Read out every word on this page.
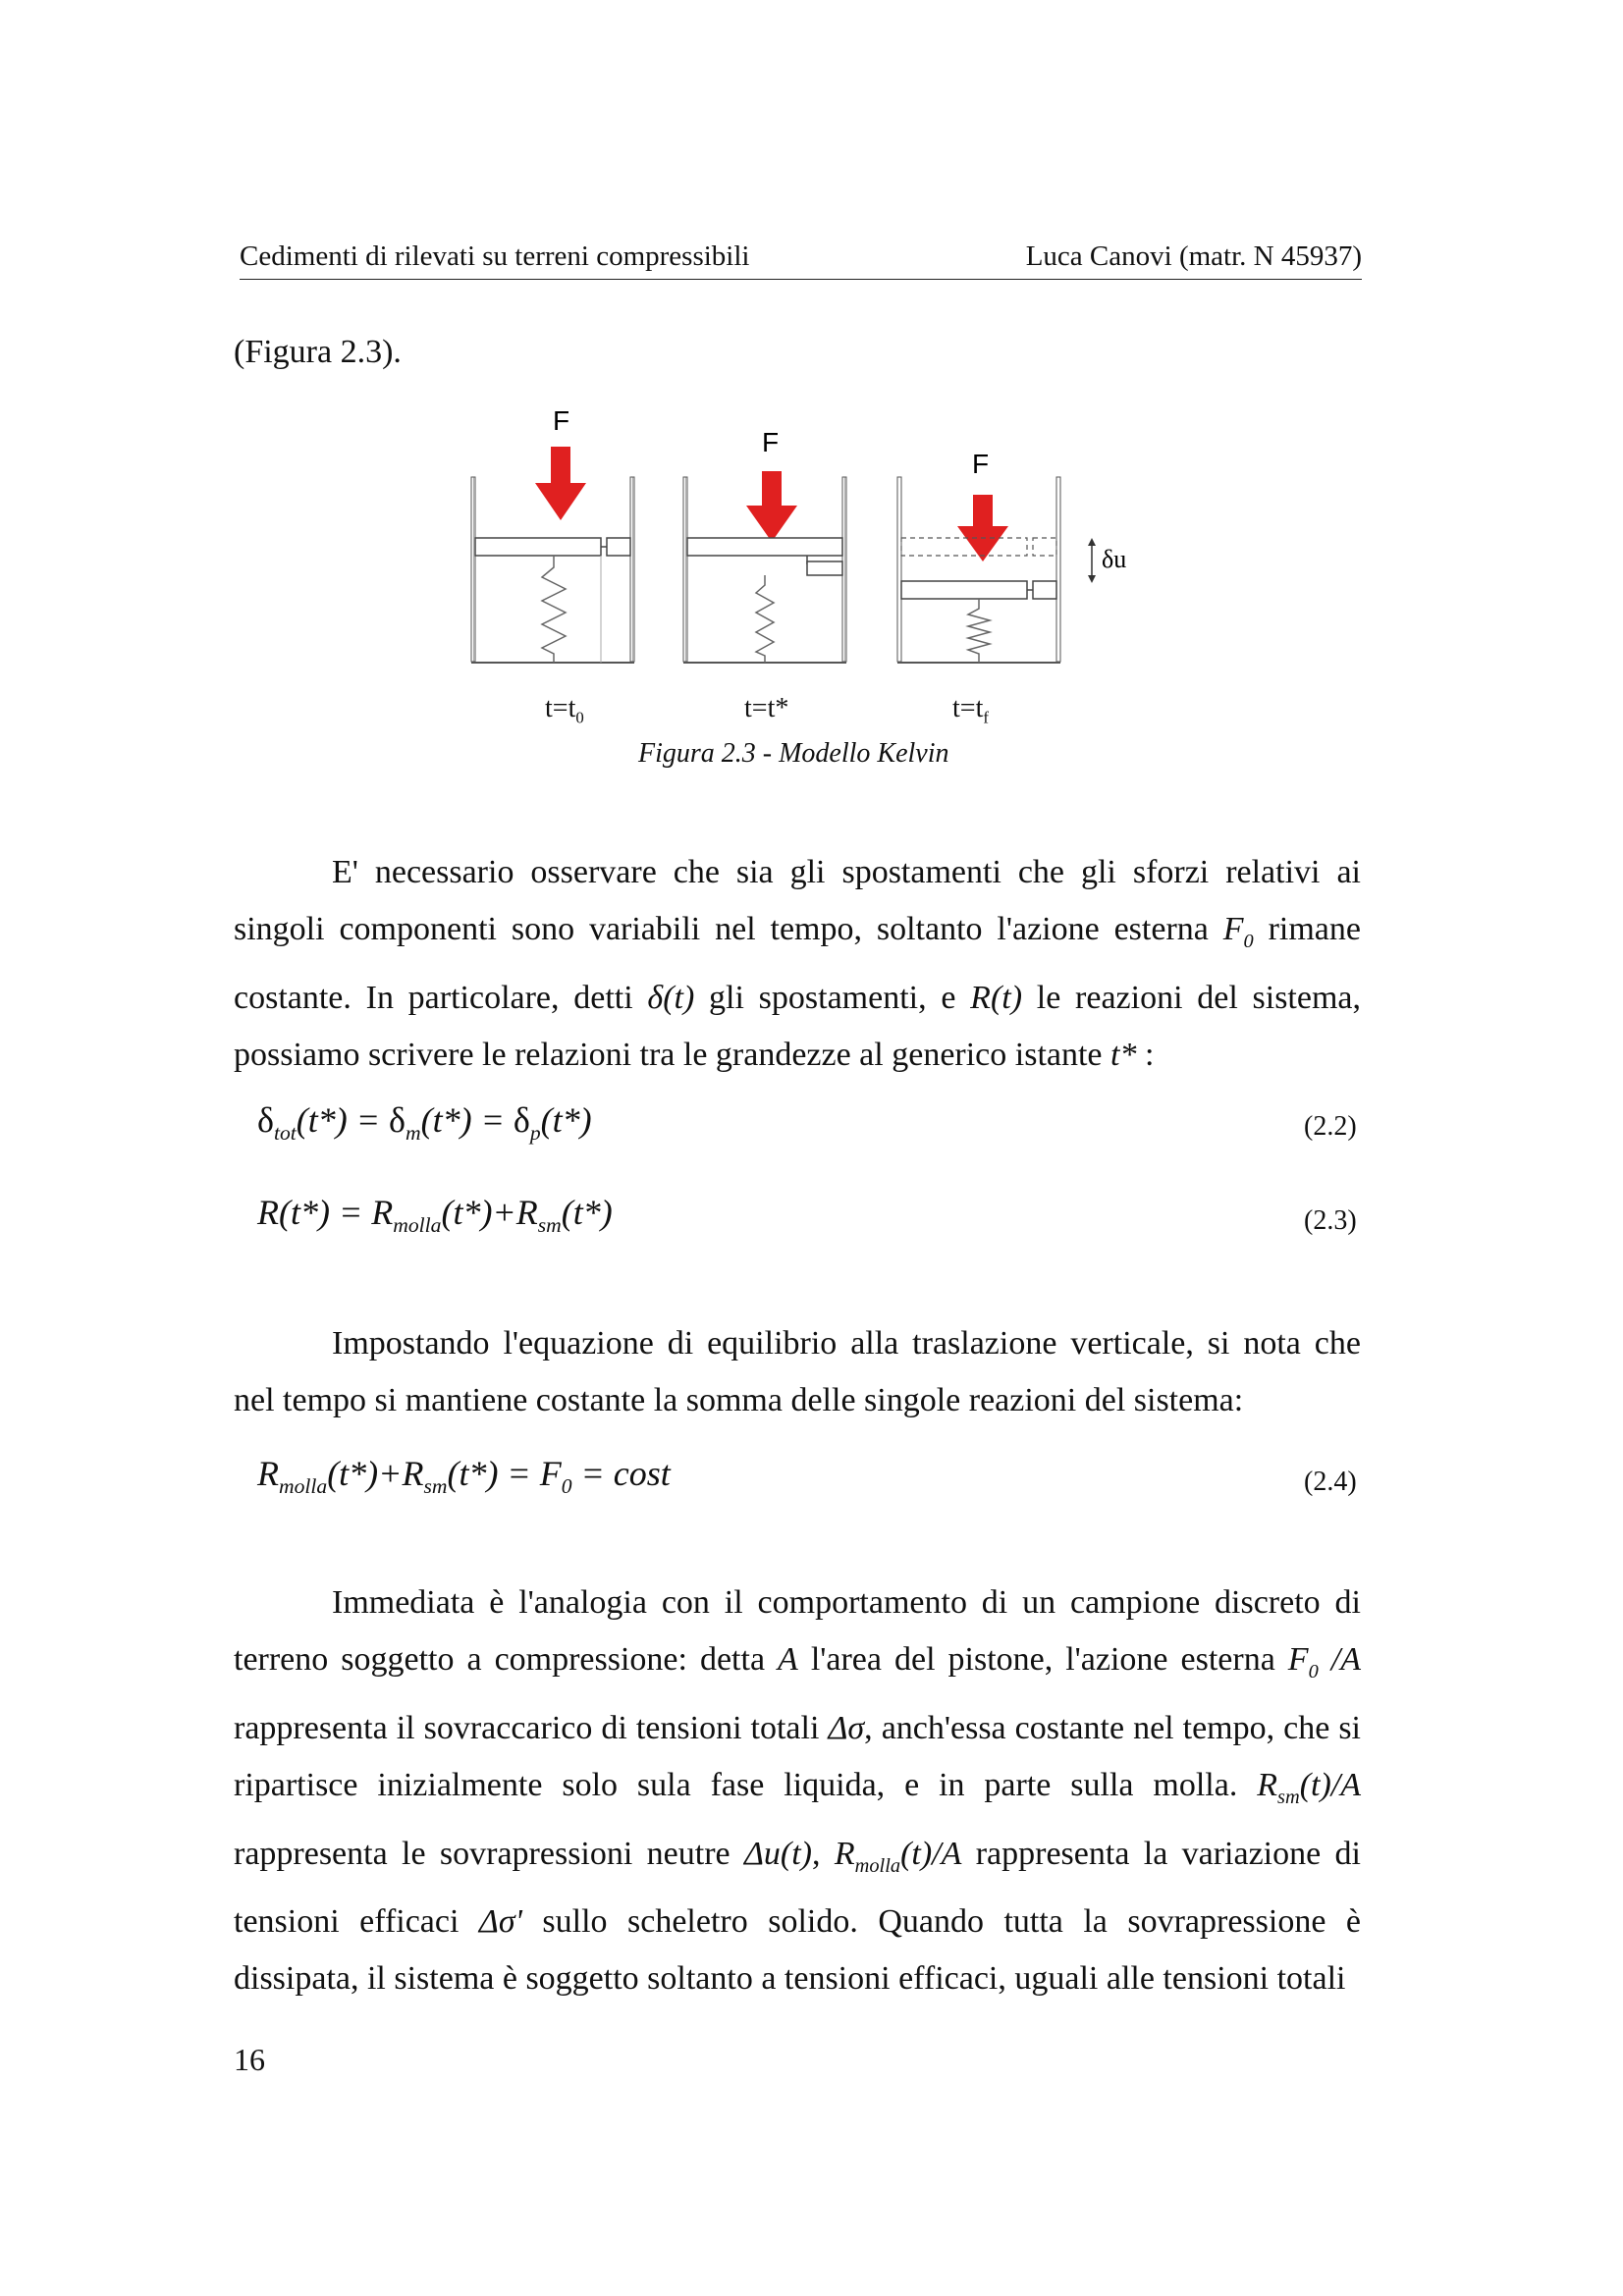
Cedimenti di rilevati su terreni compressibili	Luca Canovi (matr. N 45937)
(Figura 2.3).
F
F
F
δu
$t=t_0$	t=t*	$t=t_f$
Figura 2.3 - Modello Kelvin
E' necessario osservare che sia gli spostamenti che gli sforzi relativi ai singoli componenti sono variabili nel tempo, soltanto l'azione esterna $F_0$ rimane costante. In particolare, detti δ(t) gli spostamenti, e R(t) le reazioni del sistema, possiamo scrivere le relazioni tra le grandezze al generico istante t* :
$\delta_{tot}(t*) = \delta_m(t*) = \delta_p(t*)$	(2.2)
$R(t*) = R_{molla}(t*)+R_{sm}(t*)$	(2.3)
Impostando l'equazione di equilibrio alla traslazione verticale, si nota che nel tempo si mantiene costante la somma delle singole reazioni del sistema:
$R_{molla}(t*)+R_{sm}(t*) = F_0 = \cos t$	(2.4)
Immediata è l'analogia con il comportamento di un campione discreto di terreno soggetto a compressione: detta A l'area del pistone, l'azione esterna $F_0$ /A rappresenta il sovraccarico di tensioni totali Δσ, anch'essa costante nel tempo, che si ripartisce inizialmente solo sula fase liquida, e in parte sulla molla. $R_{sm}(t)/A$ rappresenta le sovrapressioni neutre Δu(t), $R_{molla}(t)/A$ rappresenta la variazione di tensioni efficaci Δσ' sullo scheletro solido. Quando tutta la sovrapressione è dissipata, il sistema è soggetto soltanto a tensioni efficaci, uguali alle tensioni totali
16
